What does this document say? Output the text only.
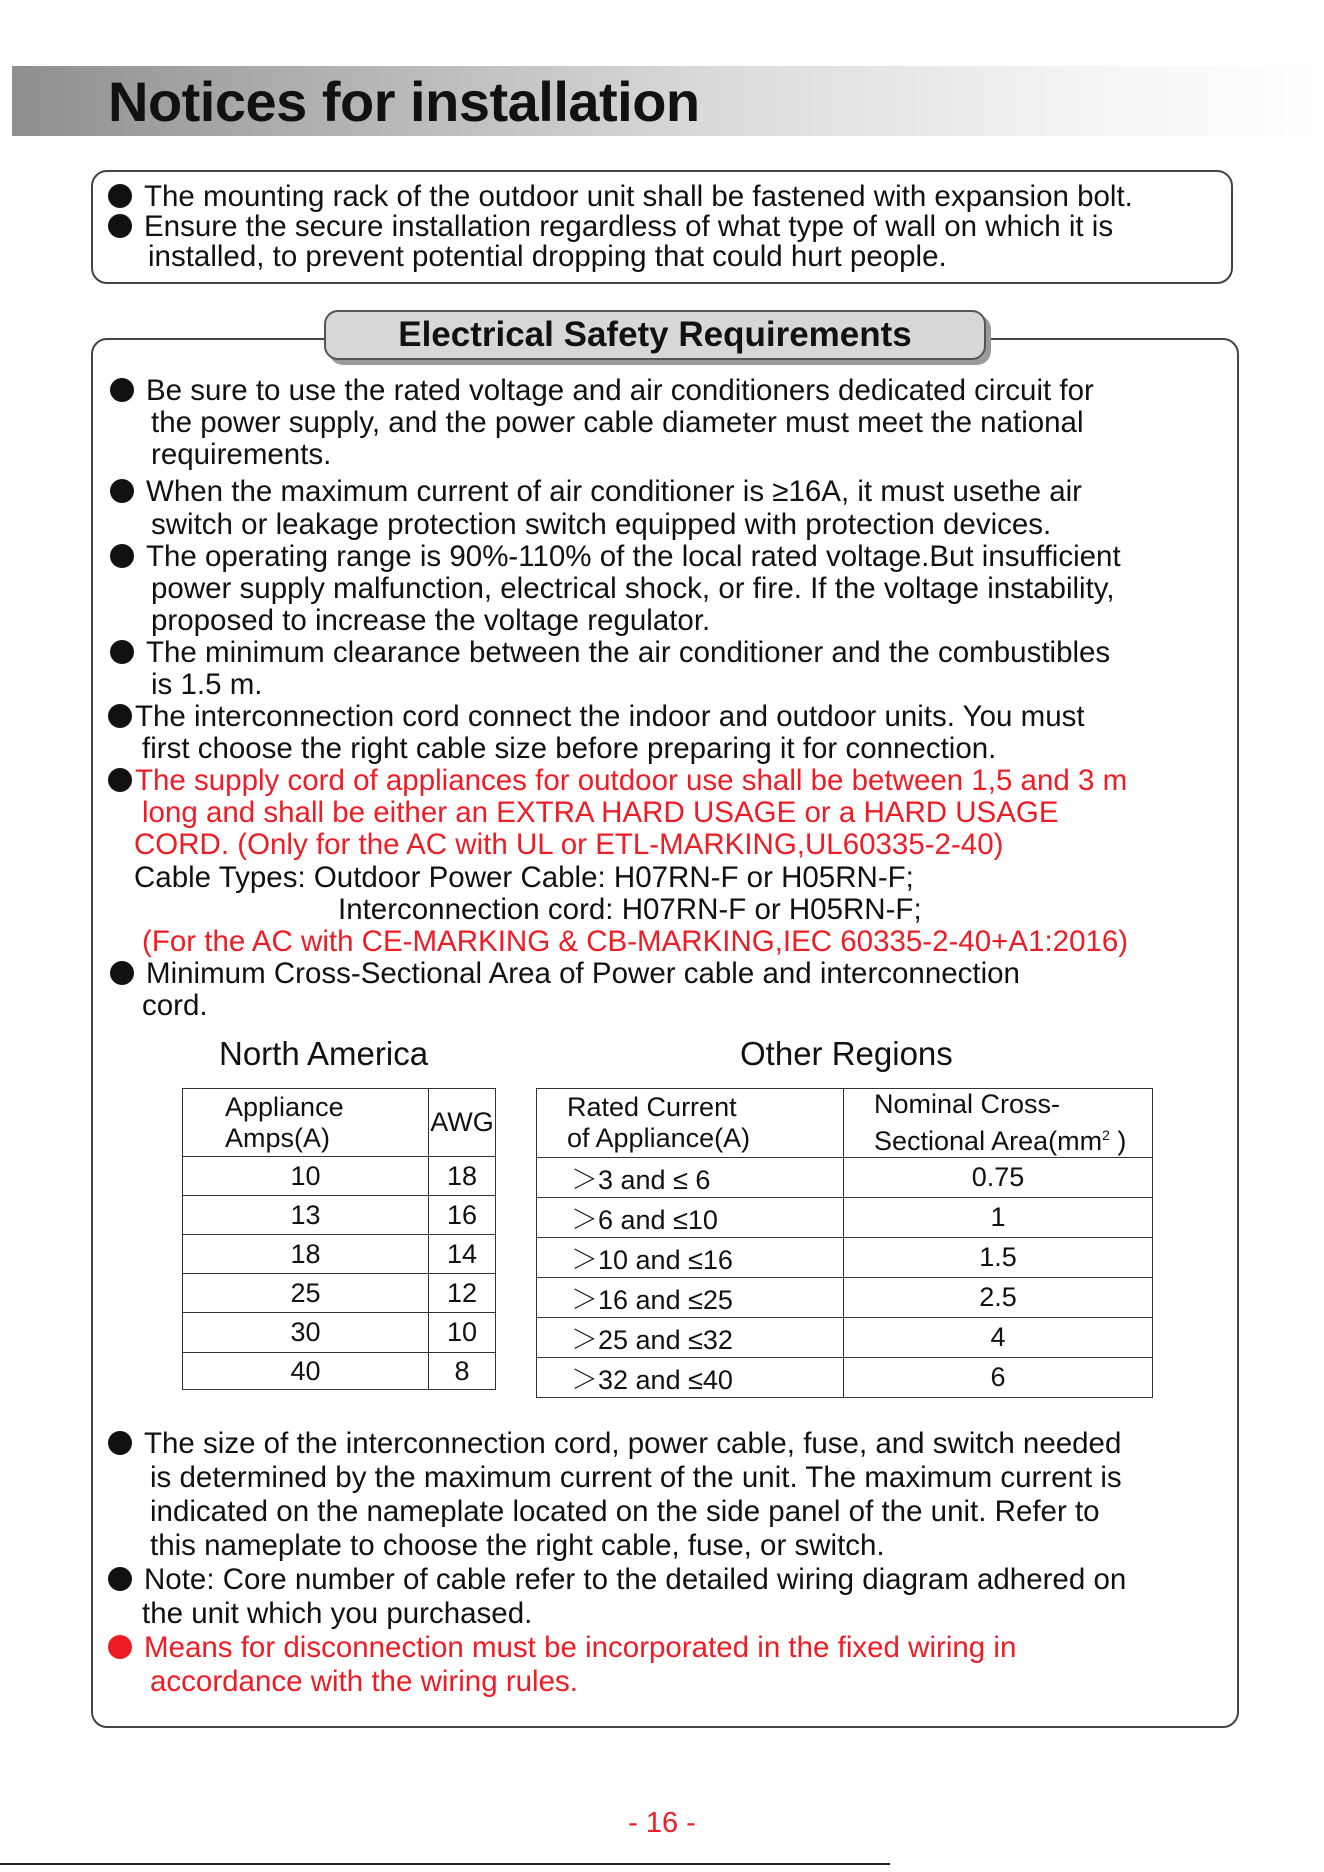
Notices for installation
The mounting rack of the outdoor unit shall be fastened with expansion bolt.
Ensure the secure installation regardless of what type of wall on which it is
installed, to prevent potential dropping that could hurt people.
Electrical Safety Requirements
Be sure to use the rated voltage and air conditioners dedicated circuit for
the power supply, and the power cable diameter must meet the national
requirements.
When the maximum current of air conditioner is ≥16A, it must usethe air
switch or leakage protection switch equipped with protection devices.
The operating range is 90%-110% of the local rated voltage.But insufficient
power supply malfunction, electrical shock, or fire. If the voltage instability,
proposed to increase the voltage regulator.
The minimum clearance between the air conditioner and the combustibles
is 1.5 m.
The interconnection cord connect the indoor and outdoor units. You must
first choose the right cable size before preparing it for connection.
The supply cord of appliances for outdoor use shall be between 1,5 and 3 m
long and shall be either an EXTRA HARD USAGE or a HARD USAGE
CORD. (Only for the AC with UL or ETL-MARKING,UL60335-2-40)
Cable Types: Outdoor Power Cable: H07RN-F or H05RN-F;
Interconnection cord: H07RN-F or H05RN-F;
(For the AC with CE-MARKING & CB-MARKING,IEC 60335-2-40+A1:2016)
Minimum Cross-Sectional Area of Power cable and interconnection
cord.
North America	Other Regions
Appliance
Amps(A)	AWG
10	18
13	16
18	14
25	12
30	10
40	8
Rated Current
of Appliance(A)	Nominal Cross-
Sectional $Area(mm^2$ )
＞3 and ≤ 6	0.75
＞6 and ≤10	1
＞10 and ≤16	1.5
＞16 and ≤25	2.5
＞25 and ≤32	4
＞32 and ≤40	6
The size of the interconnection cord, power cable, fuse, and switch needed
is determined by the maximum current of the unit. The maximum current is
indicated on the nameplate located on the side panel of the unit. Refer to
this nameplate to choose the right cable, fuse, or switch.
Note: Core number of cable refer to the detailed wiring diagram adhered on
the unit which you purchased.
Means for disconnection must be incorporated in the fixed wiring in
accordance with the wiring rules.
- 16 -
